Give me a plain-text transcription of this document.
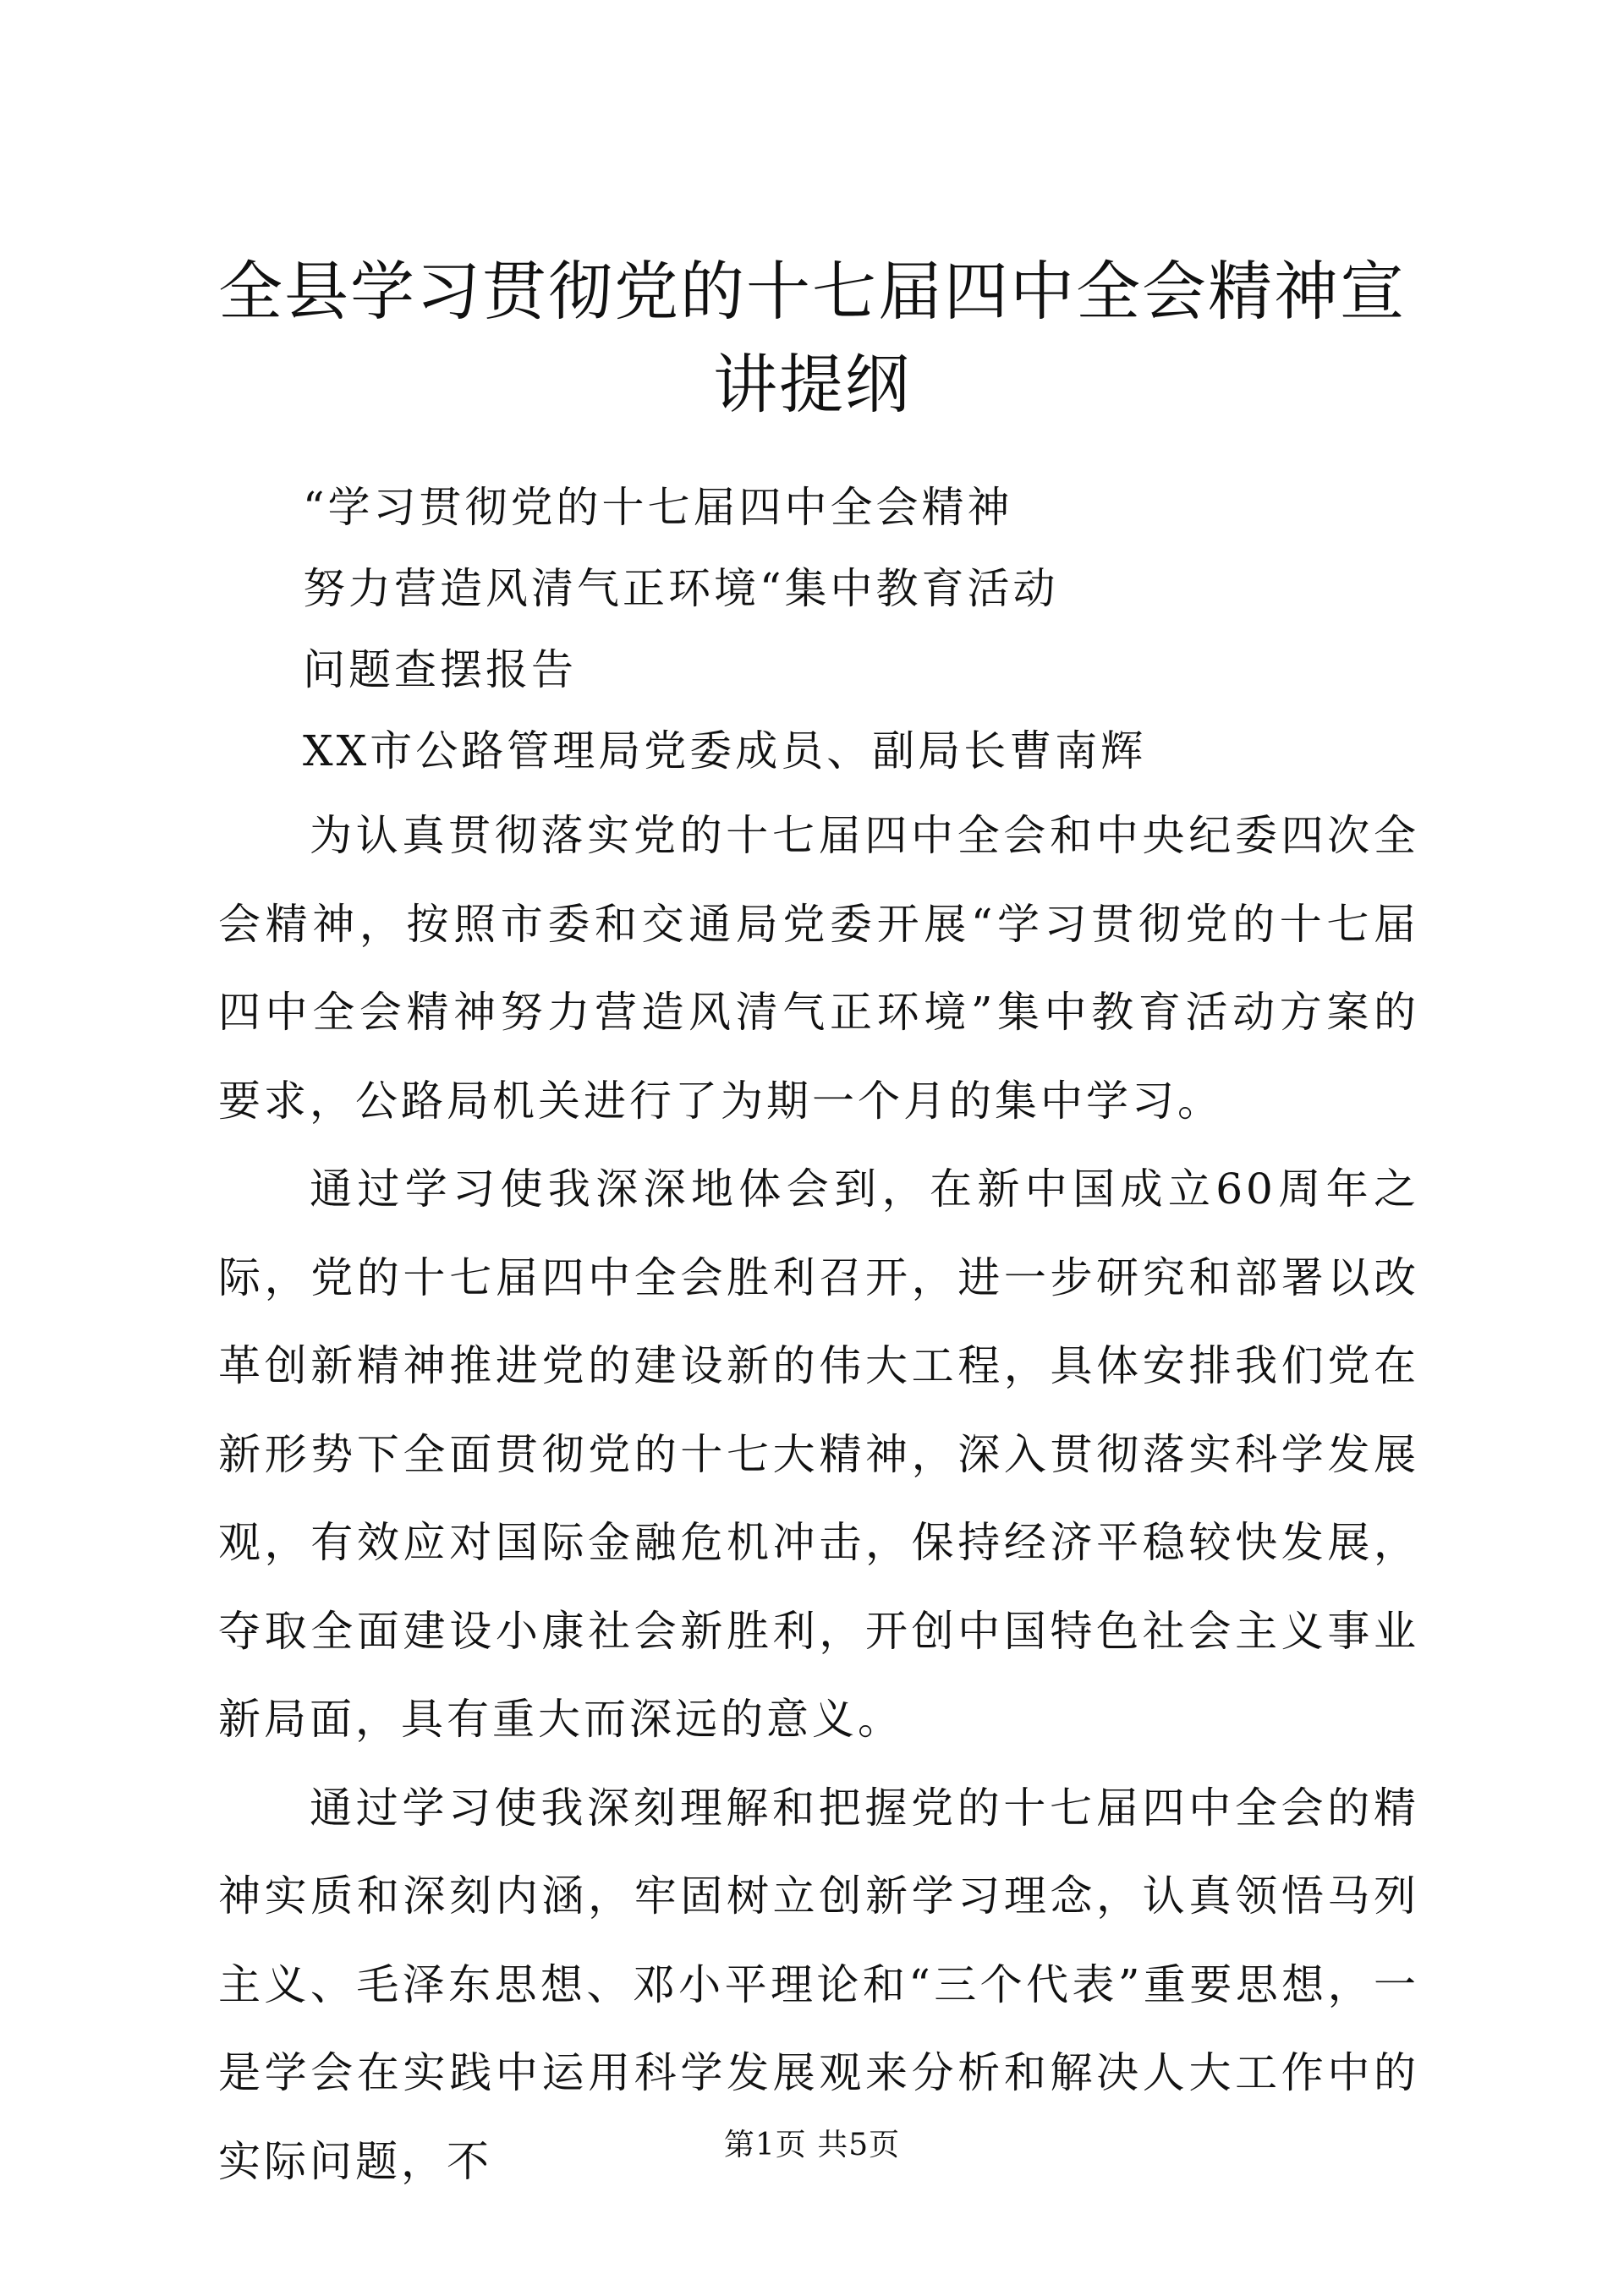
全县学习贯彻党的十七届四中全会精神宣讲提纲

“学习贯彻党的十七届四中全会精神

努力营造风清气正环境“集中教育活动

问题查摆报告

XX市公路管理局党委成员、副局长曹南辉

为认真贯彻落实党的十七届四中全会和中央纪委四次全会精神，按照市委和交通局党委开展“学习贯彻党的十七届四中全会精神努力营造风清气正环境”集中教育活动方案的要求，公路局机关进行了为期一个月的集中学习。

通过学习使我深深地体会到，在新中国成立60周年之际，党的十七届四中全会胜利召开，进一步研究和部署以改革创新精神推进党的建设新的伟大工程，具体安排我们党在新形势下全面贯彻党的十七大精神，深入贯彻落实科学发展观，有效应对国际金融危机冲击，保持经济平稳较快发展，夺取全面建设小康社会新胜利，开创中国特色社会主义事业新局面，具有重大而深远的意义。

通过学习使我深刻理解和把握党的十七届四中全会的精神实质和深刻内涵，牢固树立创新学习理念，认真领悟马列主义、毛泽东思想、邓小平理论和“三个代表”重要思想，一是学会在实践中运用科学发展观来分析和解决人大工作中的实际问题，不	第1页 共5页
